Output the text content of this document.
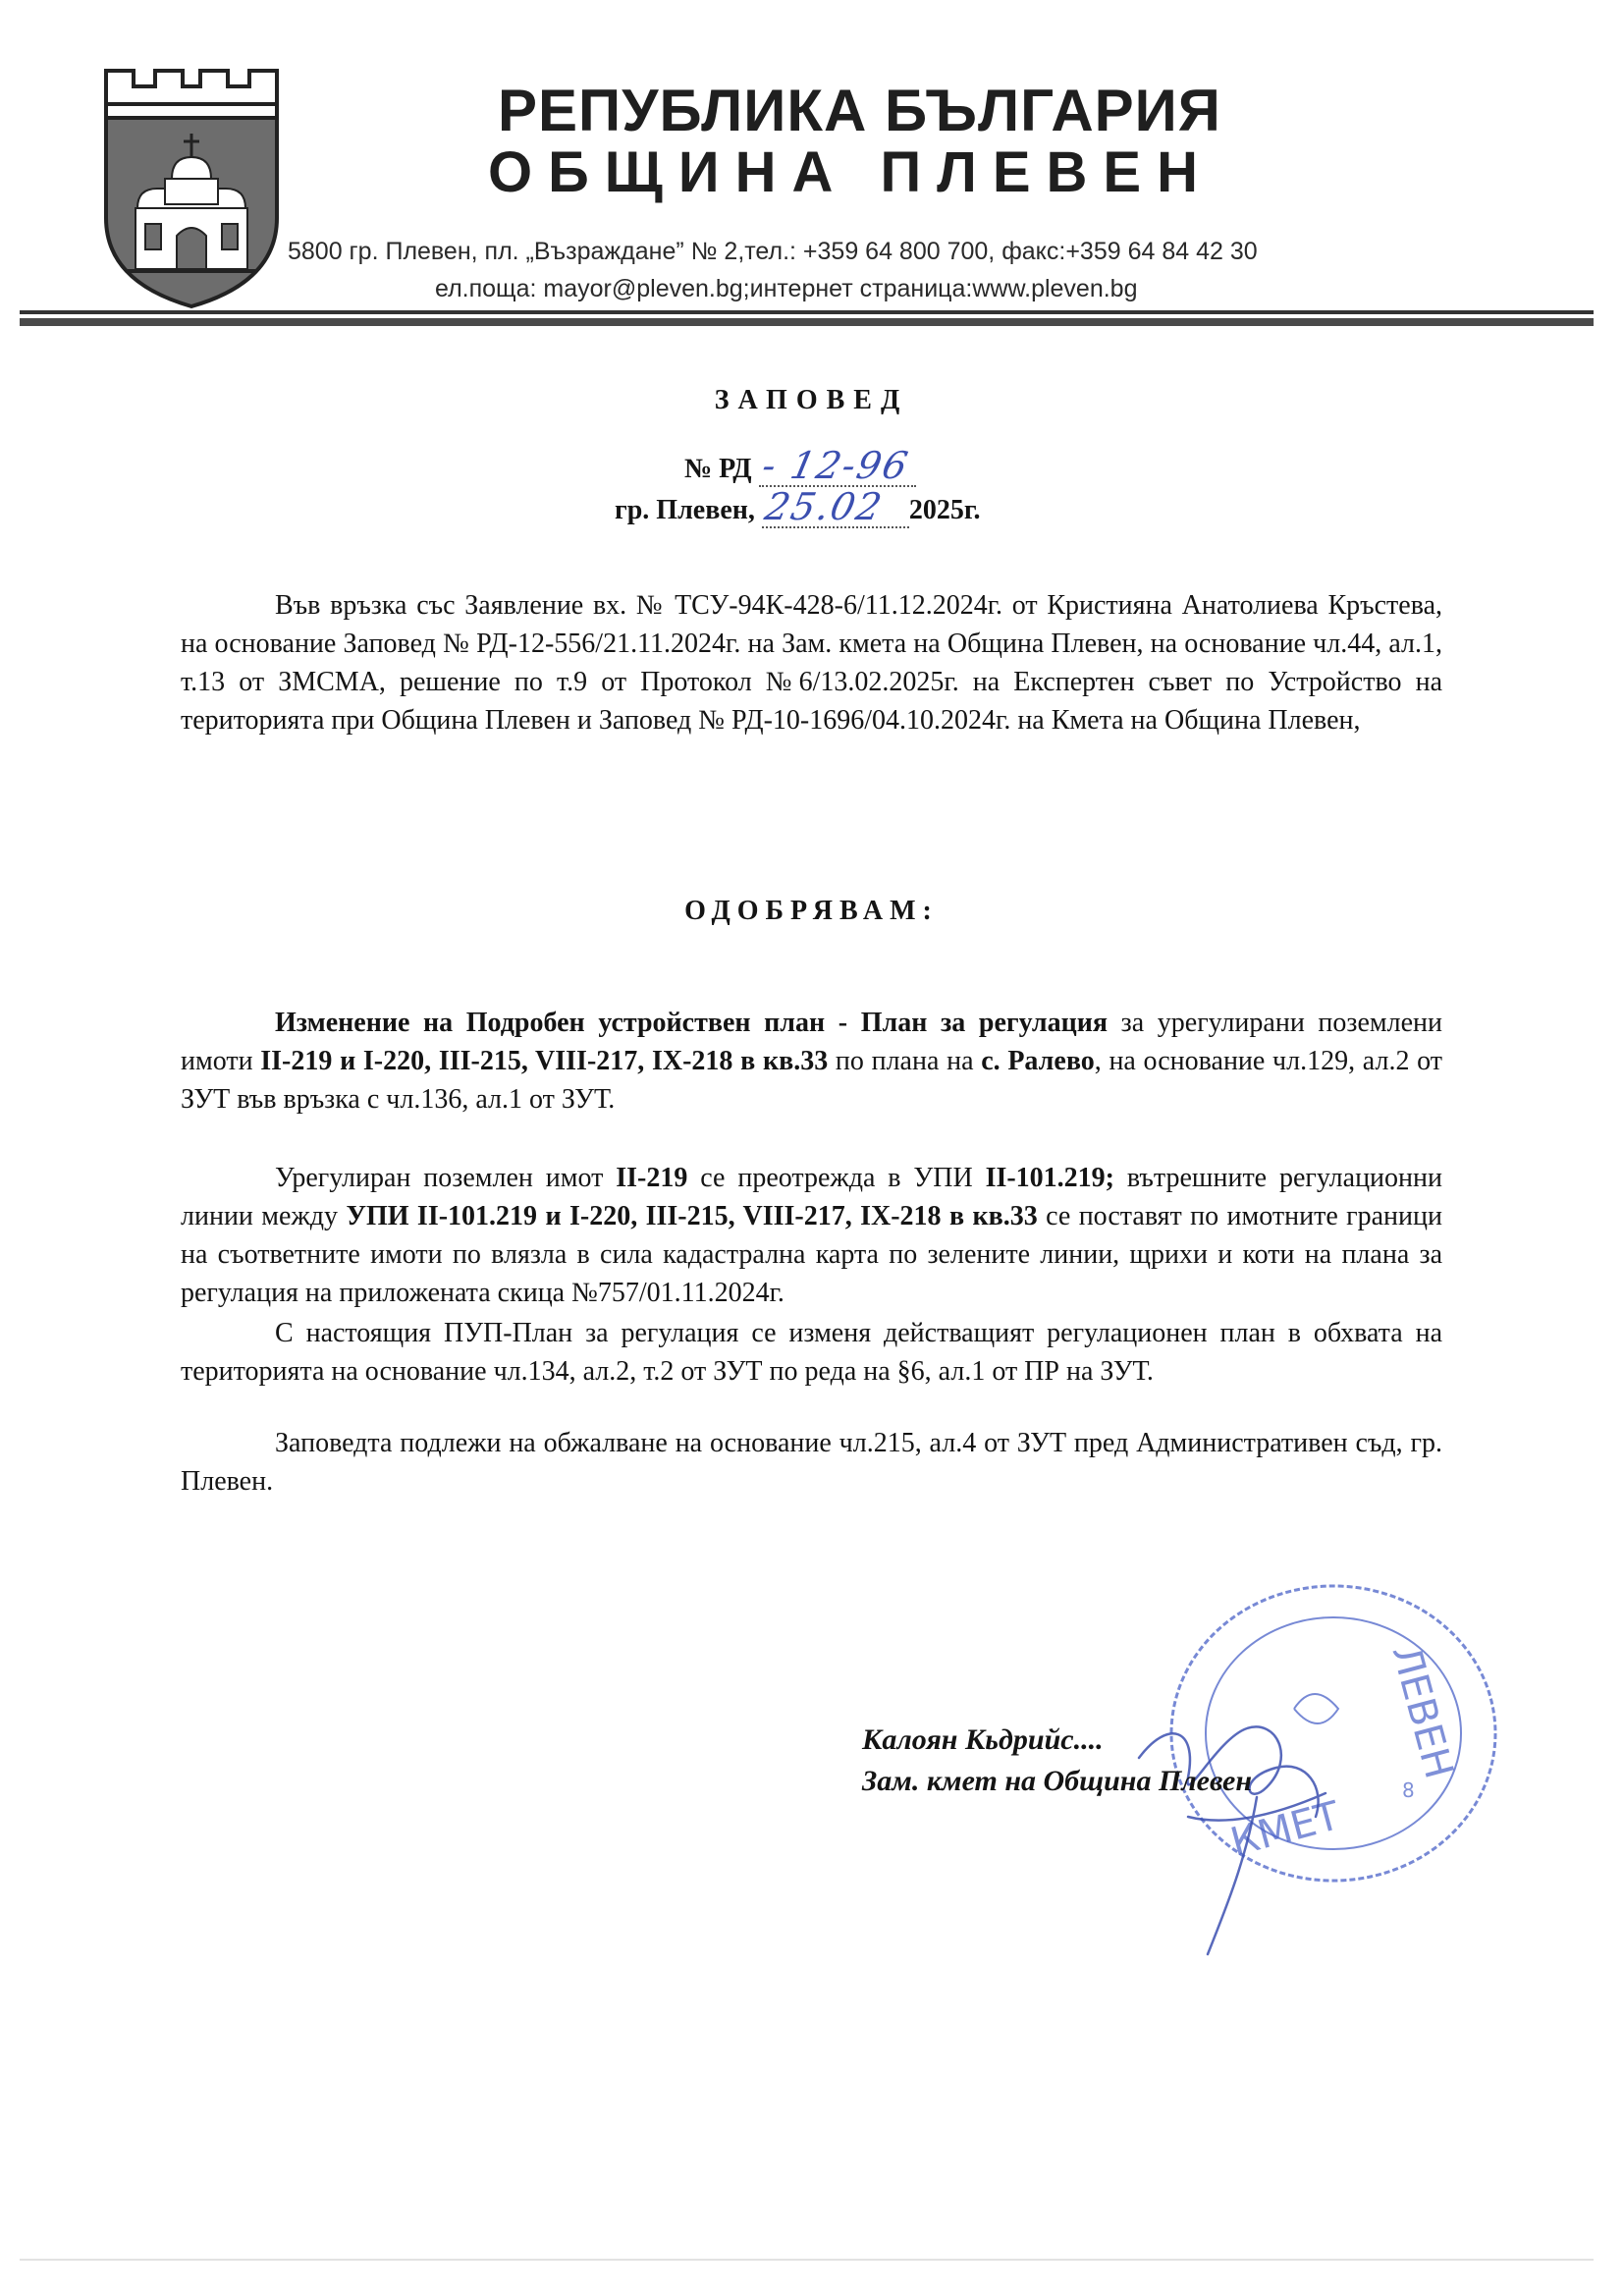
РЕПУБЛИКА БЪЛГАРИЯ
ОБЩИНА ПЛЕВЕН
5800 гр. Плевен, пл. „Възраждане” № 2,тел.: +359 64 800 700, факс:+359 64 84 42 30
ел.поща: mayor@pleven.bg;интернет страница:www.pleven.bg
ЗАПОВЕД
№ РД - 12-96
гр. Плевен, 25.02 2025г.
Във връзка със Заявление вх. № ТСУ-94К-428-6/11.12.2024г. от Кристияна Анатолиева Кръстева, на основание Заповед № РД-12-556/21.11.2024г. на Зам. кмета на Община Плевен, на основание чл.44, ал.1, т.13 от ЗМСМА, решение по т.9 от Протокол №6/13.02.2025г. на Експертен съвет по Устройство на територията при Община Плевен и Заповед № РД-10-1696/04.10.2024г. на Кмета на Община Плевен,
ОДОБРЯВАМ:
Изменение на Подробен устройствен план - План за регулация за урегулирани поземлени имоти II-219 и I-220, III-215, VIII-217, IX-218 в кв.33 по плана на с. Ралево, на основание чл.129, ал.2 от ЗУТ във връзка с чл.136, ал.1 от ЗУТ.
Урегулиран поземлен имот II-219 се преотрежда в УПИ II-101.219; вътрешните регулационни линии между УПИ II-101.219 и I-220, III-215, VIII-217, IX-218 в кв.33 се поставят по имотните граници на съответните имоти по влязла в сила кадастрална карта по зелените линии, щрихи и коти на плана за регулация на приложената скица №757/01.11.2024г.
С настоящия ПУП-План за регулация се изменя действащият регулационен план в обхвата на територията на основание чл.134, ал.2, т.2 от ЗУТ по реда на §6, ал.1 от ПР на ЗУТ.
Заповедта подлежи на обжалване на основание чл.215, ал.4 от ЗУТ пред Административен съд, гр. Плевен.
ЛЕВЕН
КМЕТ
8
Калоян Кьдрийс....
Зам. кмет на Община Плевен
